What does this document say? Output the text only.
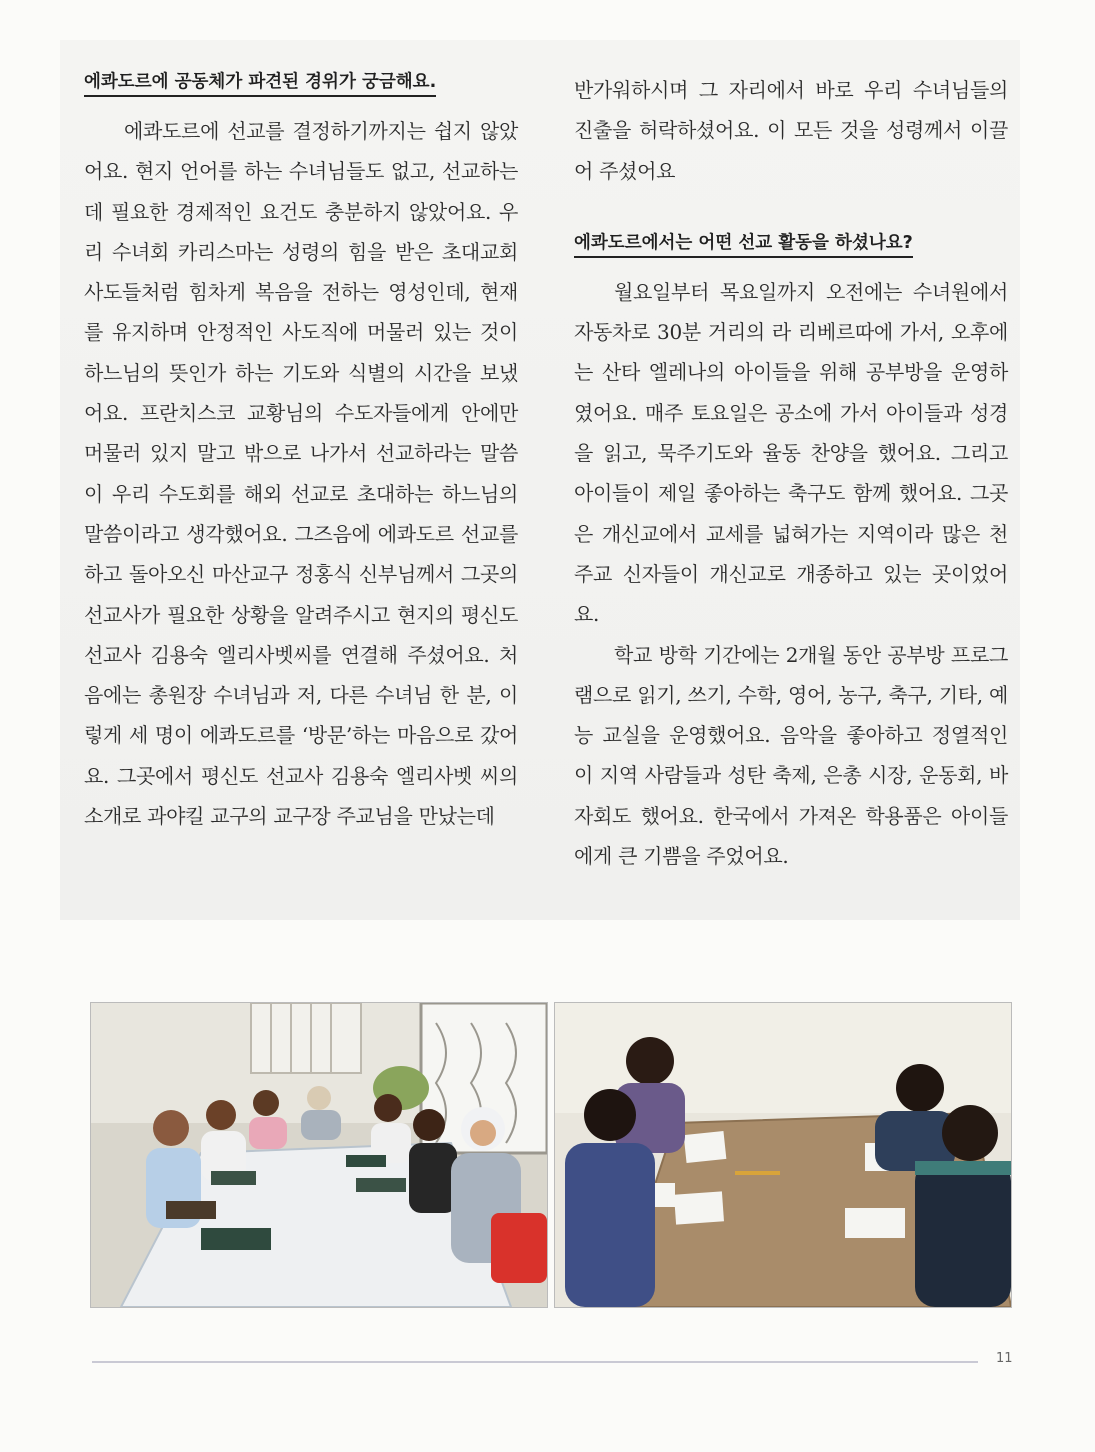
에콰도르에 공동체가 파견된 경위가 궁금해요.

에콰도르에 선교를 결정하기까지는 쉽지 않았어요. 현지 언어를 하는 수녀님들도 없고, 선교하는데 필요한 경제적인 요건도 충분하지 않았어요. 우리 수녀회 카리스마는 성령의 힘을 받은 초대교회 사도들처럼 힘차게 복음을 전하는 영성인데, 현재를 유지하며 안정적인 사도직에 머물러 있는 것이 하느님의 뜻인가 하는 기도와 식별의 시간을 보냈어요. 프란치스코 교황님의 수도자들에게 안에만 머물러 있지 말고 밖으로 나가서 선교하라는 말씀이 우리 수도회를 해외 선교로 초대하는 하느님의 말씀이라고 생각했어요. 그즈음에 에콰도르 선교를 하고 돌아오신 마산교구 정홍식 신부님께서 그곳의 선교사가 필요한 상황을 알려주시고 현지의 평신도 선교사 김용숙 엘리사벳씨를 연결해 주셨어요. 처음에는 총원장 수녀님과 저, 다른 수녀님 한 분, 이렇게 세 명이 에콰도르를 ‘방문’하는 마음으로 갔어요. 그곳에서 평신도 선교사 김용숙 엘리사벳 씨의 소개로 과야킬 교구의 교구장 주교님을 만났는데

반가워하시며 그 자리에서 바로 우리 수녀님들의 진출을 허락하셨어요. 이 모든 것을 성령께서 이끌어 주셨어요

에콰도르에서는 어떤 선교 활동을 하셨나요?

월요일부터 목요일까지 오전에는 수녀원에서 자동차로 30분 거리의 라 리베르따에 가서, 오후에는 산타 엘레나의 아이들을 위해 공부방을 운영하였어요. 매주 토요일은 공소에 가서 아이들과 성경을 읽고, 묵주기도와 율동 찬양을 했어요. 그리고 아이들이 제일 좋아하는 축구도 함께 했어요. 그곳은 개신교에서 교세를 넓혀가는 지역이라 많은 천주교 신자들이 개신교로 개종하고 있는 곳이었어요.

학교 방학 기간에는 2개월 동안 공부방 프로그램으로 읽기, 쓰기, 수학, 영어, 농구, 축구, 기타, 예능 교실을 운영했어요. 음악을 좋아하고 정열적인 이 지역 사람들과 성탄 축제, 은총 시장, 운동회, 바자회도 했어요. 한국에서 가져온 학용품은 아이들에게 큰 기쁨을 주었어요.

11
